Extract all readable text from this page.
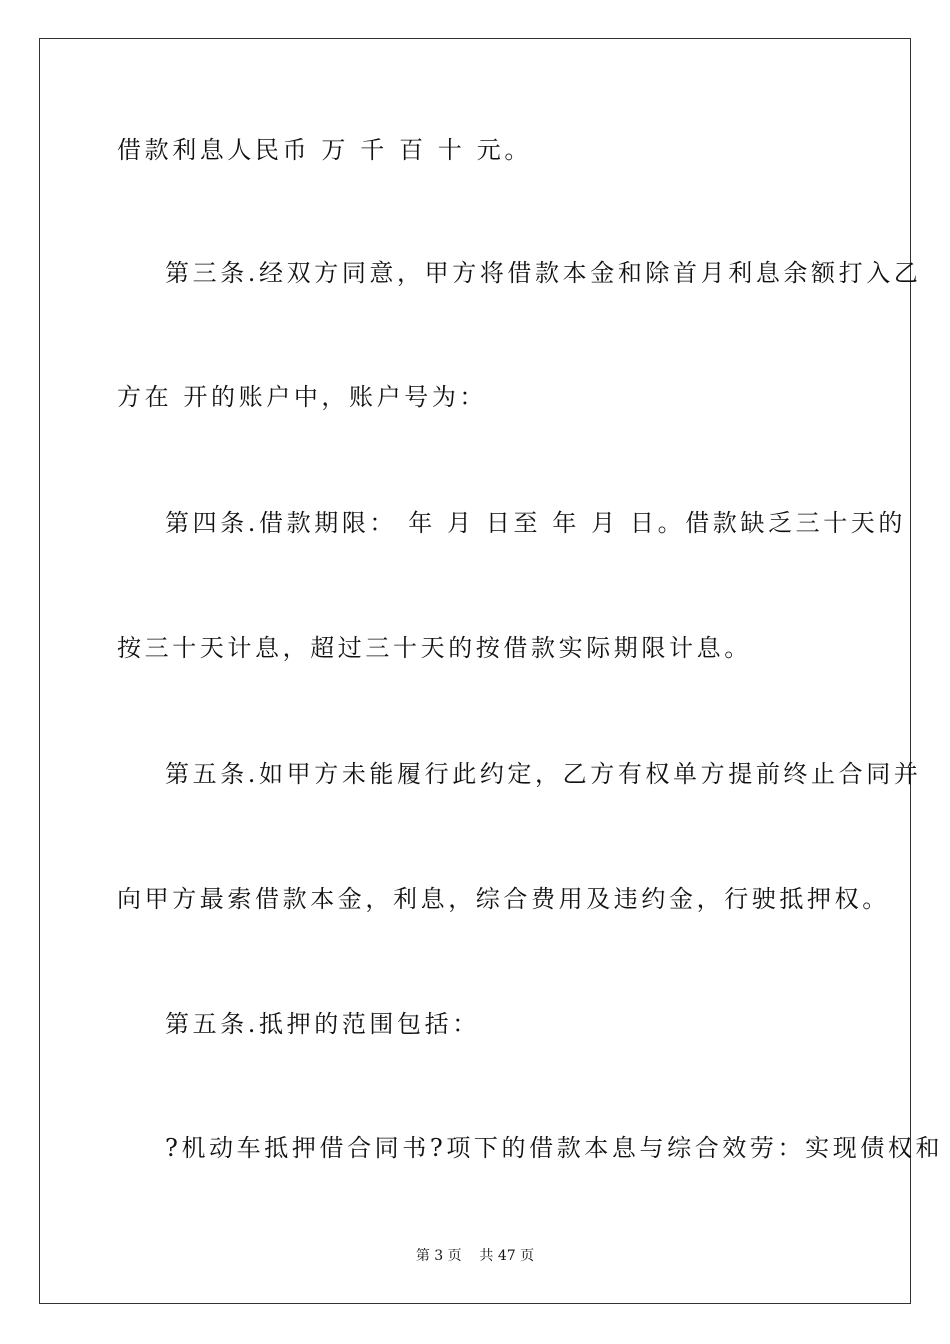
借款利息人民币 万 千 百 十 元。

第三条.经双方同意，甲方将借款本金和除首月利息余额打入乙

方在 开的账户中，账户号为：

第四条.借款期限： 年 月 日至 年 月 日。借款缺乏三十天的

按三十天计息，超过三十天的按借款实际期限计息。

第五条.如甲方未能履行此约定，乙方有权单方提前终止合同并

向甲方最索借款本金，利息，综合费用及违约金，行驶抵押权。

第五条.抵押的范围包括：

?机动车抵押借合同书?项下的借款本息与综合效劳：实现债权和

第 3 页    共 47 页
